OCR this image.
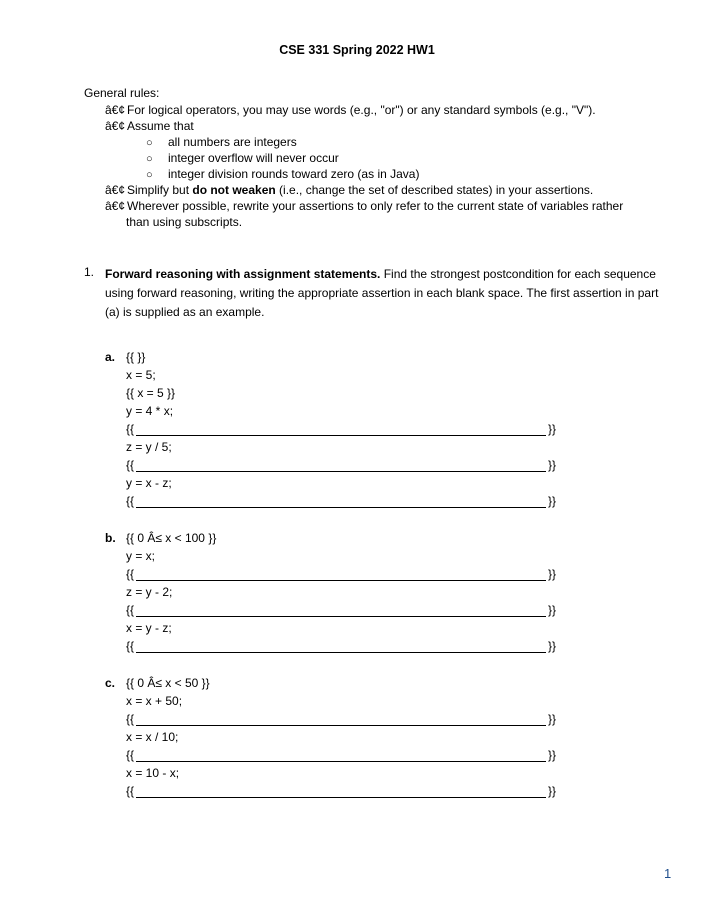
CSE 331 Spring 2022 HW1
General rules:
â€¢ For logical operators, you may use words (e.g., "or") or any standard symbols (e.g., "V").
â€¢ Assume that
○ all numbers are integers
○ integer overflow will never occur
○ integer division rounds toward zero (as in Java)
â€¢ Simplify but do not weaken (i.e., change the set of described states) in your assertions.
â€¢ Wherever possible, rewrite your assertions to only refer to the current state of variables rather
than using subscripts.
1. Forward reasoning with assignment statements. Find the strongest postcondition for each sequence using forward reasoning, writing the appropriate assertion in each blank space. The first assertion in part (a) is supplied as an example.
a. {{ }}
x = 5;
{{ x = 5 }}
y = 4 * x;
{{	}}
z = y / 5;
{{	}}
y = x - z;
{{	}}
b. {{ 0 Â≤ x < 100 }}
y = x;
{{	}}
z = y - 2;
{{	}}
x = y - z;
{{	}}
c. {{ 0 Â≤ x < 50 }}
x = x + 50;
{{	}}
x = x / 10;
{{	}}
x = 10 - x;
{{	}}
1
